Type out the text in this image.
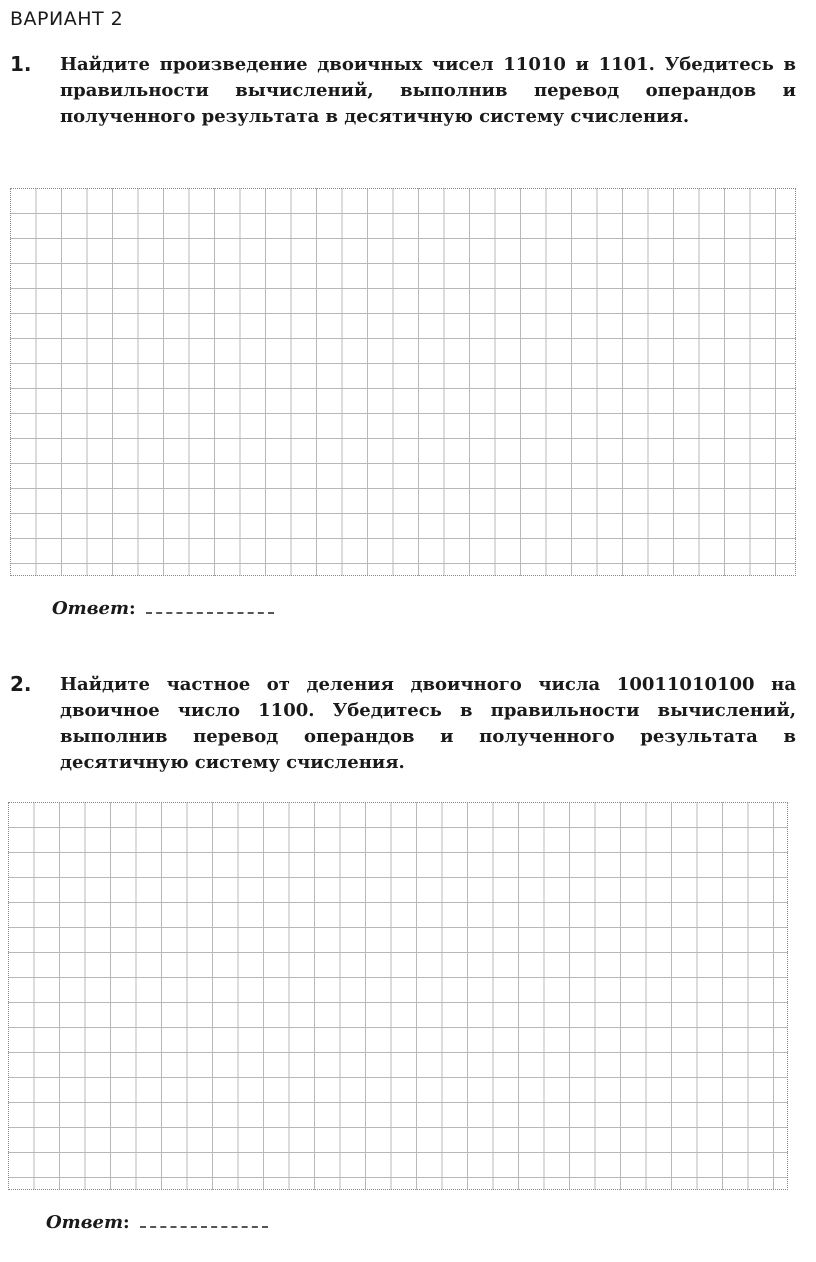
ВАРИАНТ 2
1. Найдите произведение двоичных чисел 11010 и 1101. Убедитесь в правильности вычислений, выполнив перевод операндов и полученного результата в десятичную систему счисления.
Ответ:
2. Найдите частное от деления двоичного числа 10011010100 на двоичное число 1100. Убедитесь в правильности вычислений, выполнив перевод операндов и полученного результата в десятичную систему счисления.
Ответ:
